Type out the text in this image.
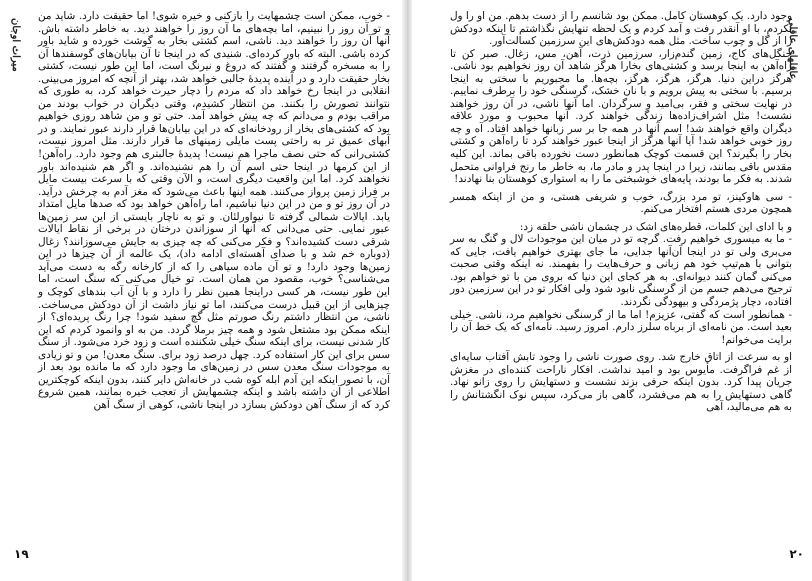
میراث اوجان

- خوب، ممکن است چشمهایت را بازکنی و خیره شوی! اما حقیقت دارد. شاید من و تو آن روز را نبینیم، اما بچه‌های ما آن روز را خواهند دید. به خاطر داشته باش. آنها آن روز را خواهند دید. ناشی، اسم کشتی بخار به گوشت خورده و شاید باور کرده باشی. البته که باور کرده‌ای. شنیدی که در اینجا تا آن بیابان‌های گوسفندها آن را به مسخره گرفتند و گفتند که دروغ و نیرنگ است، اما این طور نیست، کشتی بخار حقیقت دارد و در آینده پدیدهٔ جالبی خواهد شد، بهتر از آنچه که امروز می‌بینی. انقلابی در اینجا رخ خواهد داد که مردم را دچار حیرت خواهد کرد، به طوری که نتوانند تصورش را بکنند. من انتظار کشیدم، وقتی دیگران در خواب بودند من مراقب بودم و می‌دانم که چه پیش خواهد آمد. حتی تو و من شاهد روزی خواهیم بود که کشتی‌های بخار از رودخانه‌ای که در این بیابان‌ها قرار دارند عبور نمایند. و در آبهای عمیق تر به راحتی پست مایلی زمینهای ما قرار دارند. مثل امروز نیست، کشتی‌رانی که حتی نصف ماجرا هم نیست! پدیدهٔ جالبتری هم وجود دارد. راه‌آهن! از این کرمها در اینجا حتی اسم آن را هم نشنیده‌اند. و اگر هم شنیده‌اند باور نخواهند کرد. اما این واقعیت دیگری است، و الآن وقتی که با سرعت بیست مایل بر فراز زمین پرواز می‌کنند. همه اینها باعث می‌شود که مغز آدم به چرخش درآید. در آن روز تو و من در این دنیا نباشیم، اما راه‌آهن خواهد بود که صدها مایل امتداد یابد. ایالات شمالی گرفته تا نیواورلئان. و تو به ناچار بایستی از این سر زمین‌ها عبور نمایی. حتی می‌دانی که آنها از سوزاندن درختان در برخی از نقاط ایالات شرقی دست کشیده‌اند؟ و فکر می‌کنی که چه چیزی به جایش می‌سوزانند؟ زغال (دوباره خم شد و با صدای آهسته‌ای ادامه داد)، یک عالمه از آن چیزها در این زمین‌ها وجود دارد! و تو آن ماده سیاهی را که از کارخانه رگه به دست می‌آید می‌شناسی؟ خوب، مقصود من همان است. تو خیال می‌کنی که سنگ است، اما این طور نیست، هر کسی دراینجا همین نظر را دارد و با آن آب بندهای کوچک و چیزهایی از این قبیل درست می‌کنند، اما تو نیاز داشت از آن دودکش می‌ساخت. ناشی، من انتظار داشتم رنگ صورتم مثل گچ سفید شود! چرا رنگ پریده‌ای؟ از اینکه ممکن بود مشتعل شود و همه چیز برملا گردد. من به او وانمود کردم که این کار شدنی نیست، برای اینکه سنگ خیلی شکننده است و زود خرد می‌شود. از سنگ سس برای این کار استفاده کرد. چهل درصد زود برای. سنگ معدن! من و تو زیادی به موجودات سنگ معدن سس در زمین‌های ما وجود دارد که ما مانده بود بعد از آن، با تصور اینکه این آدم ابله کوه شب در خانه‌اش دایر کنند، بدون اینکه کوچکترین اطلاعی از آن داشته باشد و اینکه چشمهایش از تعجب خیره بمانند، همین شروع کرد که از سنگ آهن دودکش بسازد در اینجا ناشی، کوهی از سنگ آهن

۱۹
عاقلهای عاقلی

وجود دارد. یک کوهستان کامل. ممکن بود شانسم را از دست بدهم. من او را ول نکردم، با او آنقدر رفت و آمد کردم و یک لحظه تنهایش نگذاشتم تا اینکه دودکش را از گل و چوب ساخت. مثل همه دودکش‌های این سرزمین کسالت‌آور.

جنگل‌های کاج، زمین گندم‌زار، سرزمین ذرت، آهن، مس، زغال. صبر کن تا راه‌آهن به اینجا برسد و کشتی‌های بخارا هرگز شاهد آن روز نخواهیم بود ناشی. هرگز دراین دنیا. هرگز، هرگز، هرگز، بچه‌ها. ما مجبوریم با سختی به اینجا برسیم. با سختی به پیش برویم و با نان خشک، گرسنگی خود را برطرف نماییم. در نهایت سختی و فقر، بی‌امید و سرگردان. اما آنها ناشی، در آن روز خواهند نشست! مثل اشراف‌زاده‌ها زندگی خواهند کرد. آنها محبوب و مورد علاقه دیگران واقع خواهند شد! اسم آنها در همه جا بر سر زبانها خواهد افتاد. آه و چه روز خوبی خواهد شد! آیا آنها هرگز از اینجا عبور خواهند کرد تا راه‌آهن و کشتی بخار را بگیرند؟ این قسمت کوچک همانطور دست نخورده باقی بماند. این کلیه مقدس باقی بمانند، زیرا در اینجا پدر و مادر ما، به خاطر ما رنج فراوانی متحمل شدند. به فکر ما بودند، پایه‌های خوشبختی ما را به استواری کوهستان بنا نهادند!

- سی هاوکینز، تو مرد بزرگ، خوب و شریفی هستی، و من از اینکه همسر همچون مردی هستم افتخار می‌کنم.

و با ادای این کلمات، قطره‌های اشک در چشمان ناشی حلقه زد:

- ما به میسوری خواهیم رفت. گرچه تو در میان این موجودات لال و گنگ به سر می‌بری ولی تو در اینجا آن‌آنها جدایی، ما جای بهتری خواهیم یافت، جایی که بتوانی با هم‌تیپ خود هم زبانی و حرف‌هایت را بفهمند. نه اینکه وقتی صحبت می‌کنی گمان کنند دیوانه‌ای. به هر کجای این دنیا که بروی من با تو خواهم بود. ترجیح می‌دهم جسم من از گرسنگی نابود شود ولی افکار تو در این سرزمین دور افتاده، دچار پژمردگی و بیهودگی نگردند.

- همانطور است که گفتی، عزیزم! اما ما از گرسنگی نخواهیم مرد، ناشی. خیلی بعید است. من نامه‌ای از برباه سلرز دارم. امروز رسید. نامه‌ای که یک خط آن را برایت می‌خوانم!

او به سرعت از اتاق خارج شد. روی صورت ناشی را وجود تابش آفتاب سایه‌ای از غم فراگرفت. مأیوس بود و امید نداشت. افکار ناراحت کننده‌ای در مغزش جریان پیدا کرد. بدون اینکه حرفی بزند نشست و دستهایش را روی زانو نهاد. گاهی دستهایش را به هم می‌فشرد، گاهی باز می‌کرد، سپس نوک انگشتانش را به هم می‌مالید، آهی

۲۰
